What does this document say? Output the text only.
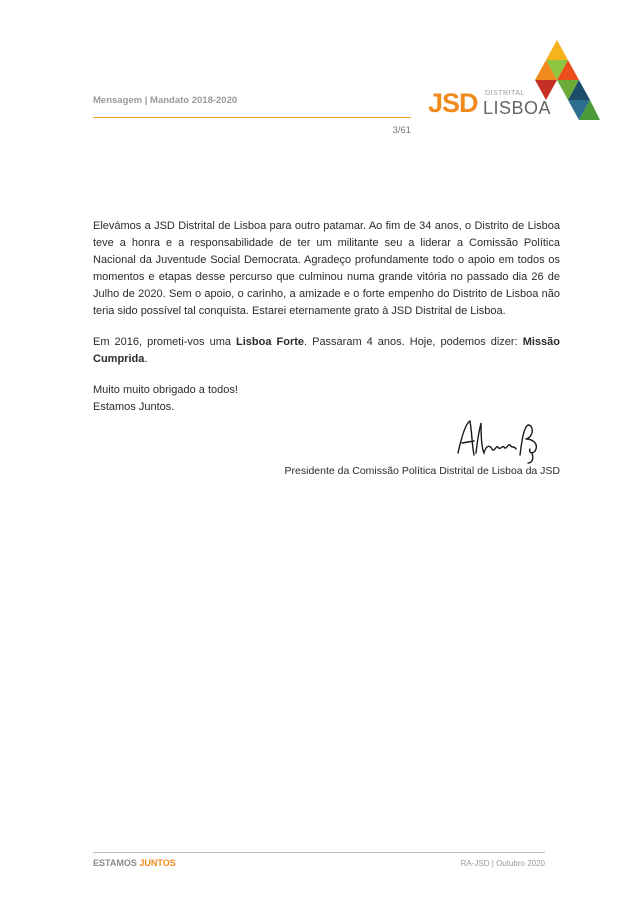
Mensagem | Mandato 2018-2020
3/61
JSD DISTRITAL
LISBOA

Elevámos a JSD Distrital de Lisboa para outro patamar. Ao fim de 34 anos, o Distrito de Lisboa teve a honra e a responsabilidade de ter um militante seu a liderar a Comissão Política Nacional da Juventude Social Democrata. Agradeço profundamente todo o apoio em todos os momentos e etapas desse percurso que culminou numa grande vitória no passado dia 26 de Julho de 2020. Sem o apoio, o carinho, a amizade e o forte empenho do Distrito de Lisboa não teria sido possível tal conquista. Estarei eternamente grato à JSD Distrital de Lisboa.

Em 2016, prometi-vos uma Lisboa Forte. Passaram 4 anos. Hoje, podemos dizer: Missão Cumprida.

Muito muito obrigado a todos!
Estamos Juntos.

Presidente da Comissão Política Distrital de Lisboa da JSD
ESTAMOS JUNTOS	RA-JSD | Outubro 2020
